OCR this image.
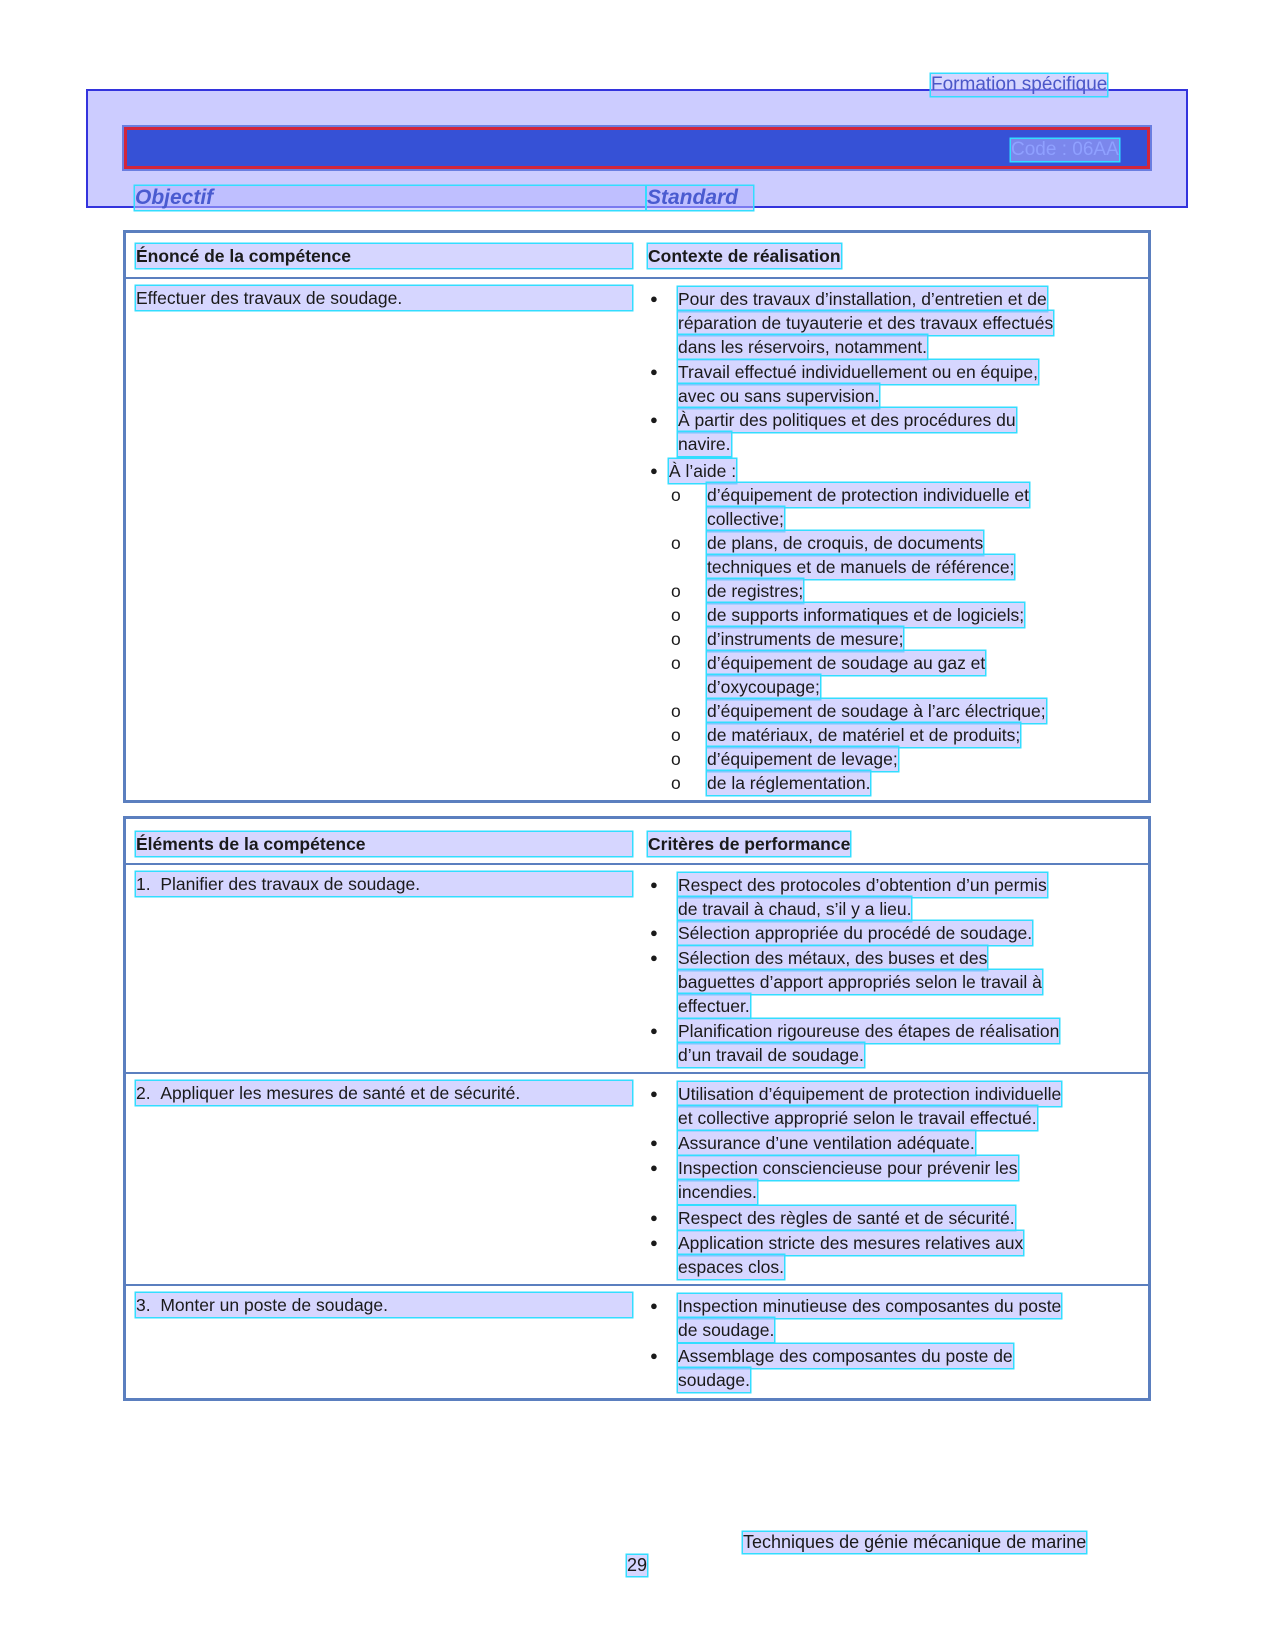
Formation spécifique
Code : 06AA
Objectif	Standard
Énoncé de la compétence	Contexte de réalisation
Effectuer des travaux de soudage.	● Pour des travaux d’installation, d’entretien et de
réparation de tuyauterie et des travaux effectués
dans les réservoirs, notamment.
● Travail effectué individuellement ou en équipe,
avec ou sans supervision.
● À partir des politiques et des procédures du
navire.
● À l’aide :
o d’équipement de protection individuelle et
collective;
o de plans, de croquis, de documents
techniques et de manuels de référence;
o de registres;
o de supports informatiques et de logiciels;
o d’instruments de mesure;
o d’équipement de soudage au gaz et
d’oxycoupage;
o d’équipement de soudage à l’arc électrique;
o de matériaux, de matériel et de produits;
o d’équipement de levage;
o de la réglementation.
Éléments de la compétence	Critères de performance
1. Planifier des travaux de soudage.	● Respect des protocoles d’obtention d’un permis
de travail à chaud, s’il y a lieu.
● Sélection appropriée du procédé de soudage.
● Sélection des métaux, des buses et des
baguettes d’apport appropriés selon le travail à
effectuer.
● Planification rigoureuse des étapes de réalisation
d’un travail de soudage.
2. Appliquer les mesures de santé et de sécurité.	● Utilisation d’équipement de protection individuelle
et collective approprié selon le travail effectué.
● Assurance d’une ventilation adéquate.
● Inspection consciencieuse pour prévenir les
incendies.
● Respect des règles de santé et de sécurité.
● Application stricte des mesures relatives aux
espaces clos.
3. Monter un poste de soudage.	● Inspection minutieuse des composantes du poste
de soudage.
● Assemblage des composantes du poste de
soudage.
Techniques de génie mécanique de marine
29
